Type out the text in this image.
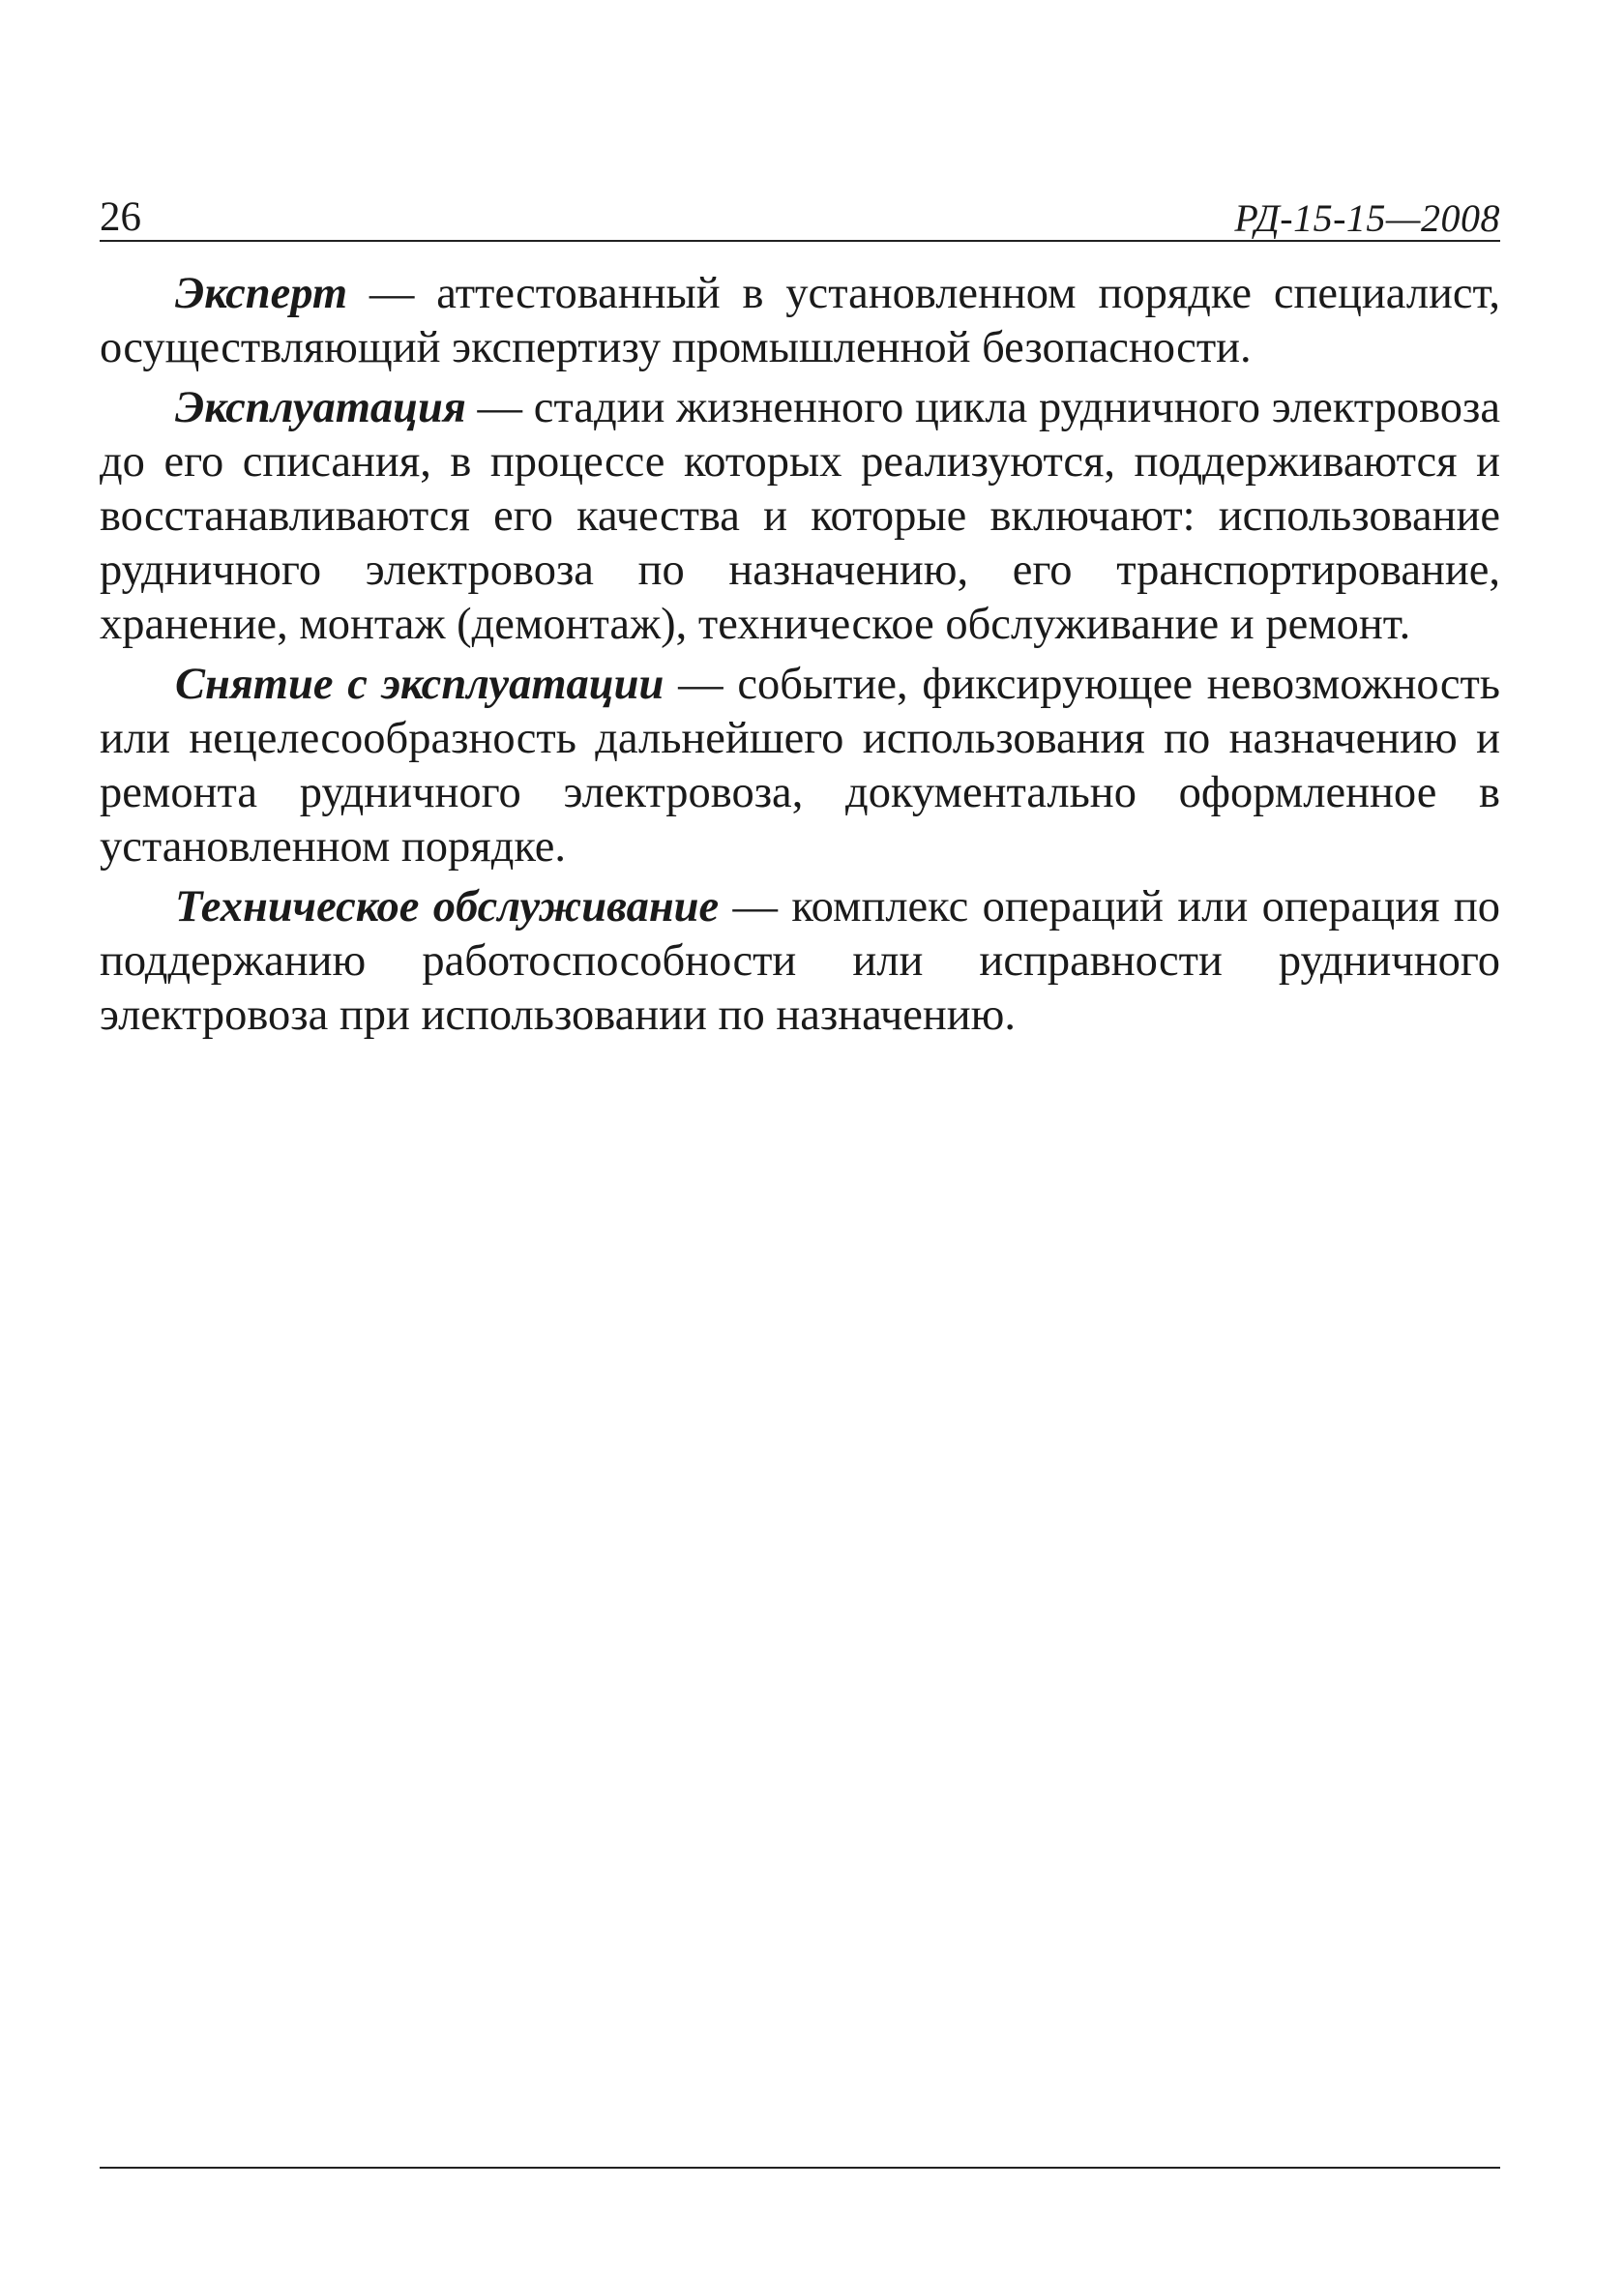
26	РД-15-15—2008

Эксперт — аттестованный в установленном порядке специалист, осуществляющий экспертизу промышленной безопасности.

Эксплуатация — стадии жизненного цикла рудничного электровоза до его списания, в процессе которых реализуются, поддерживаются и восстанавливаются его качества и которые включают: использование рудничного электровоза по назначению, его транспортирование, хранение, монтаж (демонтаж), техническое обслуживание и ремонт.

Снятие с эксплуатации — событие, фиксирующее невозможность или нецелесообразность дальнейшего использования по назначению и ремонта рудничного электровоза, документально оформленное в установленном порядке.

Техническое обслуживание — комплекс операций или операция по поддержанию работоспособности или исправности рудничного электровоза при использовании по назначению.
